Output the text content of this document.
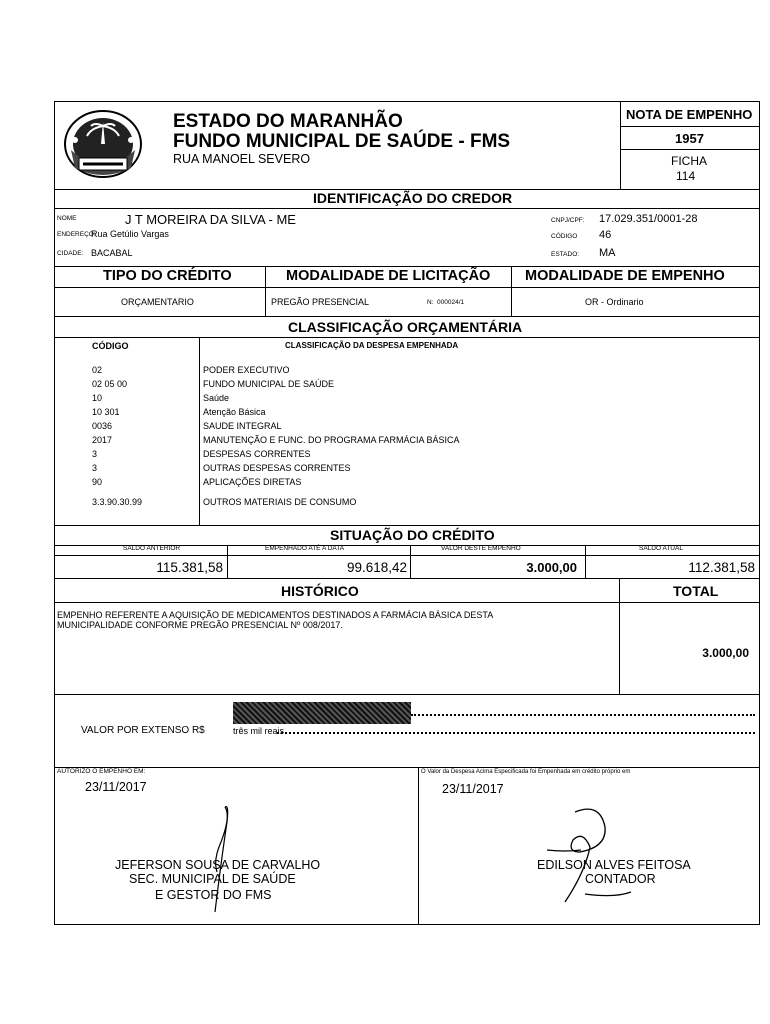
ESTADO DO MARANHÃO
FUNDO MUNICIPAL DE SAÚDE - FMS
RUA MANOEL SEVERO
NOTA DE EMPENHO
1957
FICHA
114
IDENTIFICAÇÃO DO CREDOR
NOME	J T MOREIRA DA SILVA - ME
ENDEREÇO:
Rua Getúlio Vargas
CIDADE: BACABAL
CNPJ/CPF: 17.029.351/0001-28
CÓDIGO 46
ESTADO: MA
TIPO DO CRÉDITO	MODALIDADE DE LICITAÇÃO MODALIDADE DE EMPENHO
ORÇAMENTARIO	PREGÃO PRESENCIAL	N: 000024/1	OR - Ordinario
CLASSIFICAÇÃO ORÇAMENTÁRIA
CÓDIGO	CLASSIFICAÇÃO DA DESPESA EMPENHADA
02	PODER EXECUTIVO
02 05 00	FUNDO MUNICIPAL DE SAÚDE
10	Saúde
10 301	Atenção Básica
0036	SAUDE INTEGRAL
2017	MANUTENÇÃO E FUNC. DO PROGRAMA FARMÁCIA BÁSICA
3	DESPESAS CORRENTES
3	OUTRAS DESPESAS CORRENTES
90	APLICAÇÕES DIRETAS
3.3.90.30.99	OUTROS MATERIAIS DE CONSUMO
SITUAÇÃO DO CRÉDITO
SALDO ANTERIOR	EMPENHADO ATÉ A DATA	VALOR DESTE EMPENHO	SALDO ATUAL
115.381,58	99.618,42	3.000,00	112.381,58
HISTÓRICO	TOTAL
EMPENHO REFERENTE A AQUISIÇÃO DE MEDICAMENTOS DESTINADOS A FARMÁCIA BÁSICA DESTA
MUNICIPALIDADE CONFORME PREGÃO PRESENCIAL Nº 008/2017.
3.000,00
VALOR POR EXTENSO R$	três mil reais
AUTORIZO O EMPENHO EM:
23/11/2017
O Valor da Despesa Acima Especificada foi Empenhada em crédito próprio em
23/11/2017
JEFERSON SOUSA DE CARVALHO
SEC. MUNICIPAL DE SAÚDE
E GESTOR DO FMS
EDILSON ALVES FEITOSA
CONTADOR
